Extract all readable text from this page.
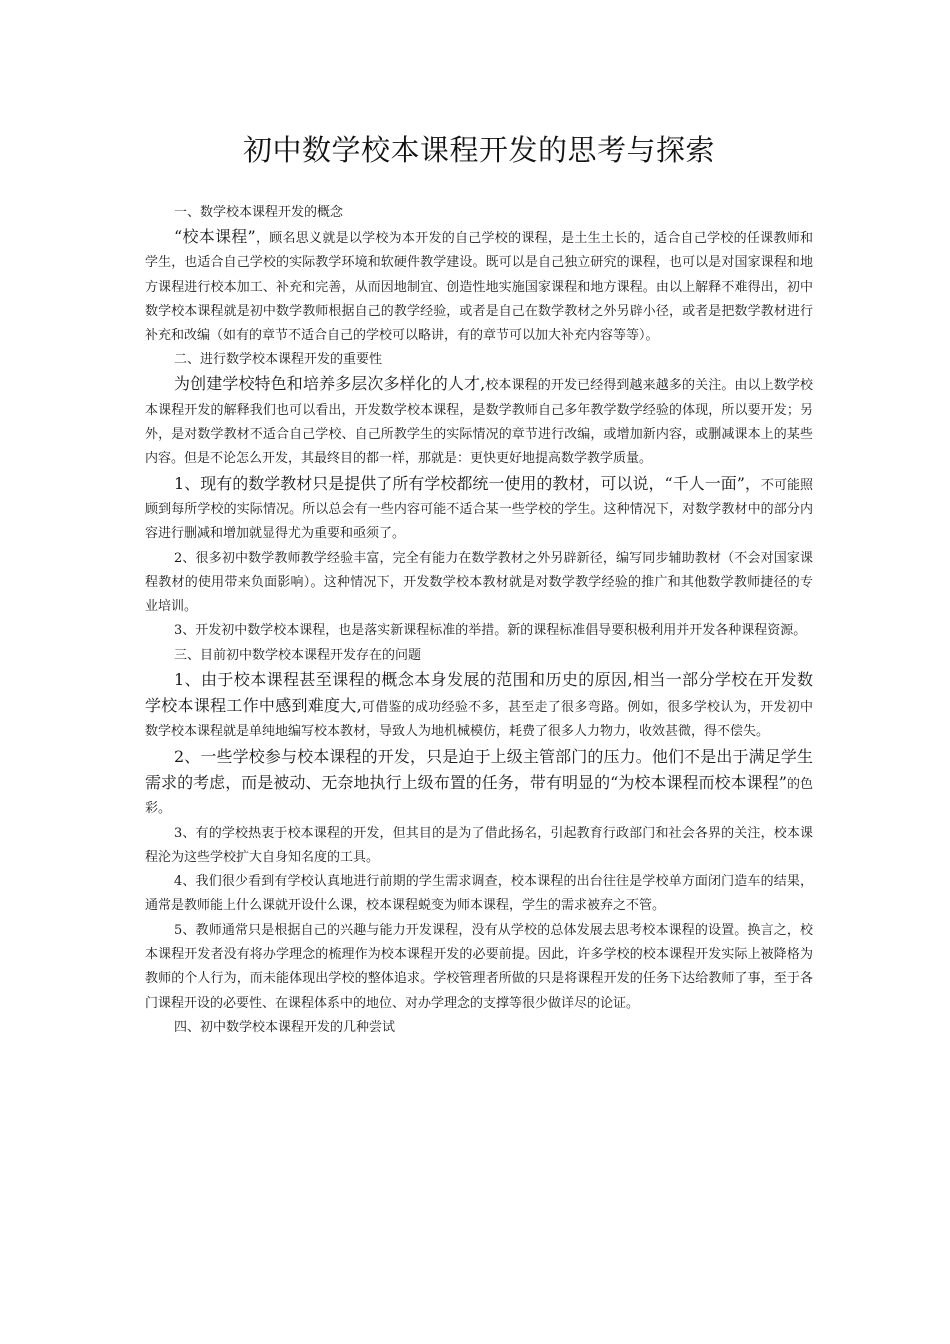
初中数学校本课程开发的思考与探索
一、数学校本课程开发的概念

“校本课程”，顾名思义就是以学校为本开发的自己学校的课程，是土生土长的，适合自己学校的任课教师和学生，也适合自己学校的实际教学环境和软硬件教学建设。既可以是自己独立研究的课程，也可以是对国家课程和地方课程进行校本加工、补充和完善，从而因地制宜、创造性地实施国家课程和地方课程。由以上解释不难得出，初中数学校本课程就是初中数学教师根据自己的教学经验，或者是自己在数学教材之外另辟小径，或者是把数学教材进行补充和改编（如有的章节不适合自己的学校可以略讲，有的章节可以加大补充内容等等）。

二、进行数学校本课程开发的重要性

为创建学校特色和培养多层次多样化的人才,校本课程的开发已经得到越来越多的关注。由以上数学校本课程开发的解释我们也可以看出，开发数学校本课程，是数学教师自己多年教学数学经验的体现，所以要开发；另外，是对数学教材不适合自己学校、自己所教学生的实际情况的章节进行改编，或增加新内容，或删减课本上的某些内容。但是不论怎么开发，其最终目的都一样，那就是：更快更好地提高数学教学质量。

1、现有的数学教材只是提供了所有学校都统一使用的教材，可以说，“千人一面”，不可能照顾到每所学校的实际情况。所以总会有一些内容可能不适合某一些学校的学生。这种情况下，对数学教材中的部分内容进行删减和增加就显得尤为重要和亟须了。

2、很多初中数学教师教学经验丰富，完全有能力在数学教材之外另辟新径，编写同步辅助教材（不会对国家课程教材的使用带来负面影响）。这种情况下，开发数学校本教材就是对数学教学经验的推广和其他数学教师捷径的专业培训。

3、开发初中数学校本课程，也是落实新课程标准的举措。新的课程标准倡导要积极利用并开发各种课程资源。

三、目前初中数学校本课程开发存在的问题

1、由于校本课程甚至课程的概念本身发展的范围和历史的原因,相当一部分学校在开发数学校本课程工作中感到难度大,可借鉴的成功经验不多，甚至走了很多弯路。例如，很多学校认为，开发初中数学校本课程就是单纯地编写校本教材，导致人为地机械模仿，耗费了很多人力物力，收效甚微，得不偿失。

2、一些学校参与校本课程的开发，只是迫于上级主管部门的压力。他们不是出于满足学生需求的考虑，而是被动、无奈地执行上级布置的任务，带有明显的“为校本课程而校本课程”的色彩。

3、有的学校热衷于校本课程的开发，但其目的是为了借此扬名，引起教育行政部门和社会各界的关注，校本课程沦为这些学校扩大自身知名度的工具。

4、我们很少看到有学校认真地进行前期的学生需求调查，校本课程的出台往往是学校单方面闭门造车的结果，通常是教师能上什么课就开设什么课，校本课程蜕变为师本课程，学生的需求被弃之不管。

5、教师通常只是根据自己的兴趣与能力开发课程，没有从学校的总体发展去思考校本课程的设置。换言之，校本课程开发者没有将办学理念的梳理作为校本课程开发的必要前提。因此，许多学校的校本课程开发实际上被降格为教师的个人行为，而未能体现出学校的整体追求。学校管理者所做的只是将课程开发的任务下达给教师了事，至于各门课程开设的必要性、在课程体系中的地位、对办学理念的支撑等很少做详尽的论证。

四、初中数学校本课程开发的几种尝试
